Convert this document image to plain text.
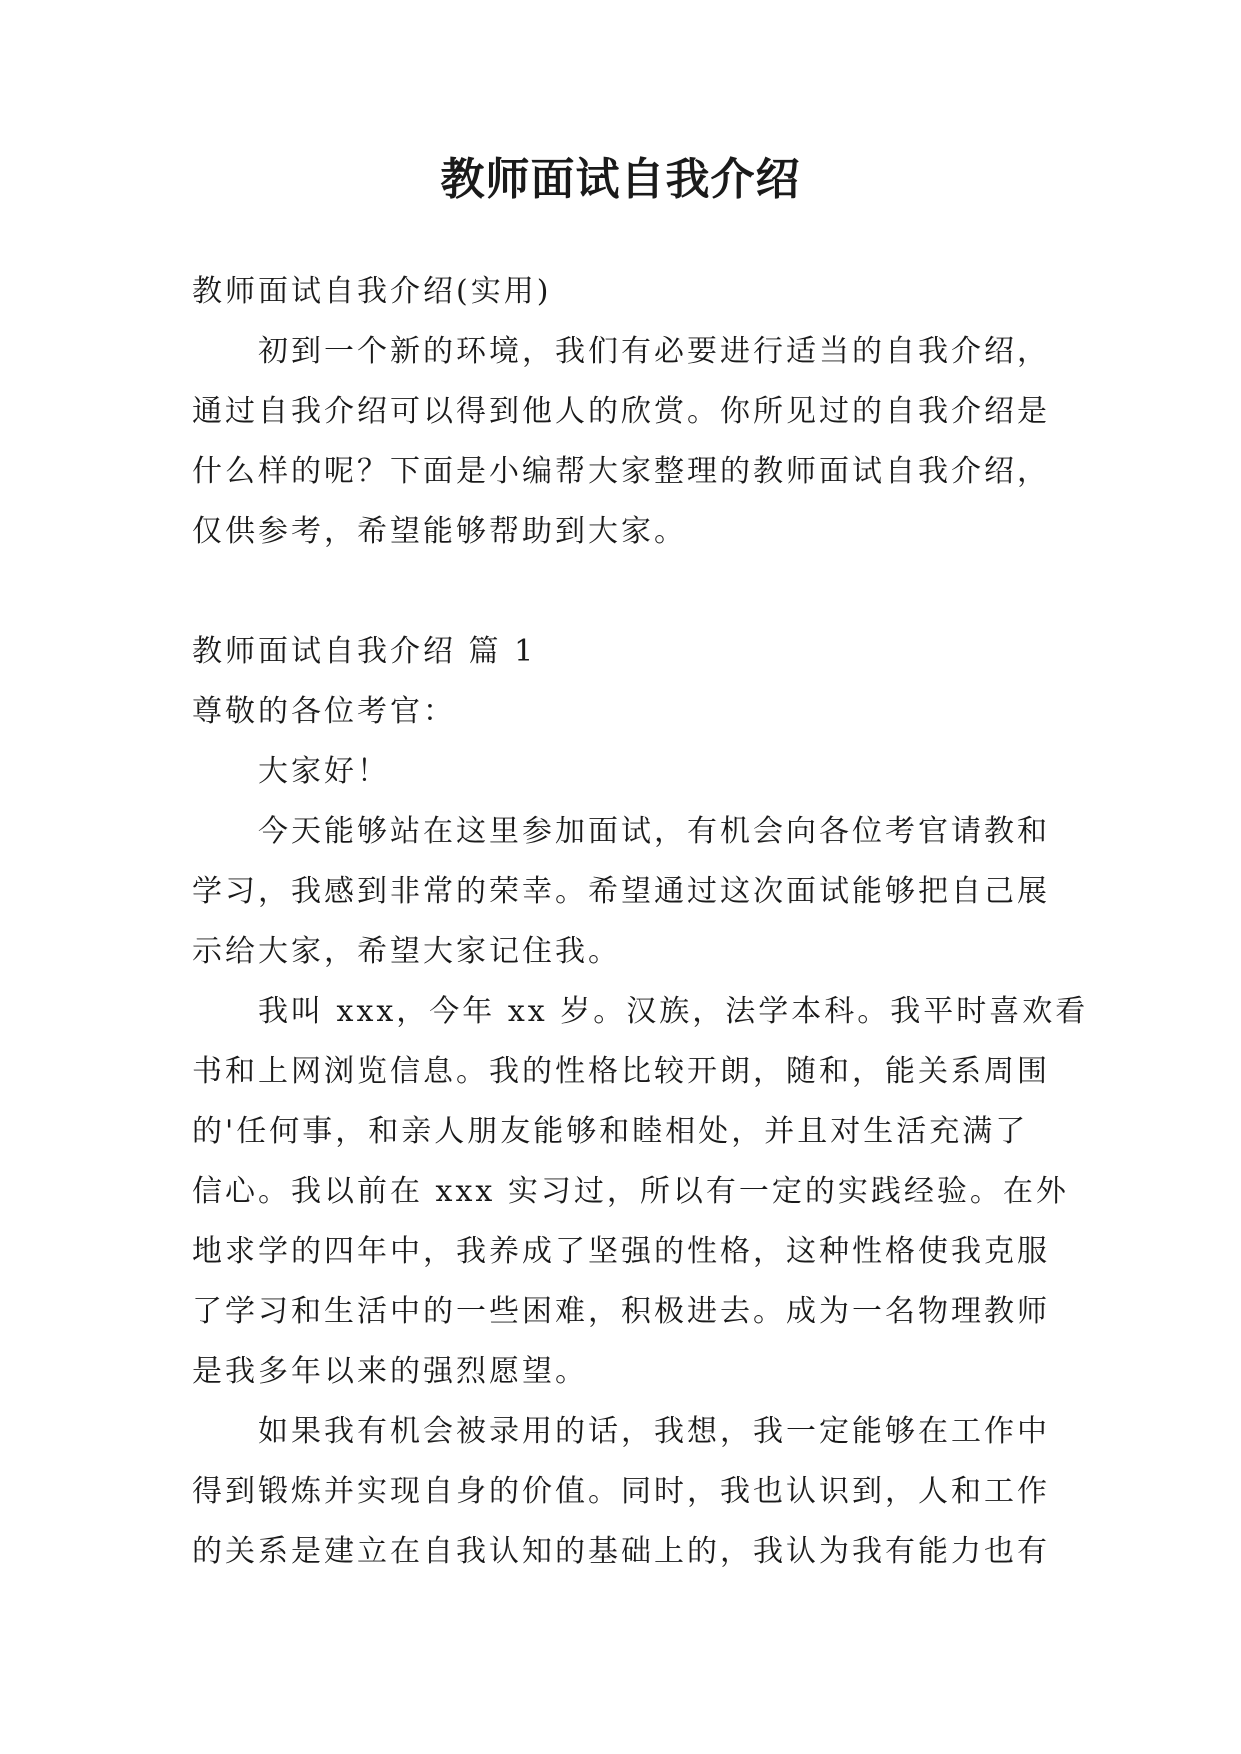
教师面试自我介绍

教师面试自我介绍(实用)

初到一个新的环境，我们有必要进行适当的自我介绍，

通过自我介绍可以得到他人的欣赏。你所见过的自我介绍是

什么样的呢？下面是小编帮大家整理的教师面试自我介绍，

仅供参考，希望能够帮助到大家。

教师面试自我介绍 篇 1

尊敬的各位考官：

大家好！

今天能够站在这里参加面试，有机会向各位考官请教和

学习，我感到非常的荣幸。希望通过这次面试能够把自己展

示给大家，希望大家记住我。

我叫 xxx，今年 xx 岁。汉族，法学本科。我平时喜欢看

书和上网浏览信息。我的性格比较开朗，随和，能关系周围

的'任何事，和亲人朋友能够和睦相处，并且对生活充满了

信心。我以前在 xxx 实习过，所以有一定的实践经验。在外

地求学的四年中，我养成了坚强的性格，这种性格使我克服

了学习和生活中的一些困难，积极进去。成为一名物理教师

是我多年以来的强烈愿望。

如果我有机会被录用的话，我想，我一定能够在工作中

得到锻炼并实现自身的价值。同时，我也认识到，人和工作

的关系是建立在自我认知的基础上的，我认为我有能力也有
